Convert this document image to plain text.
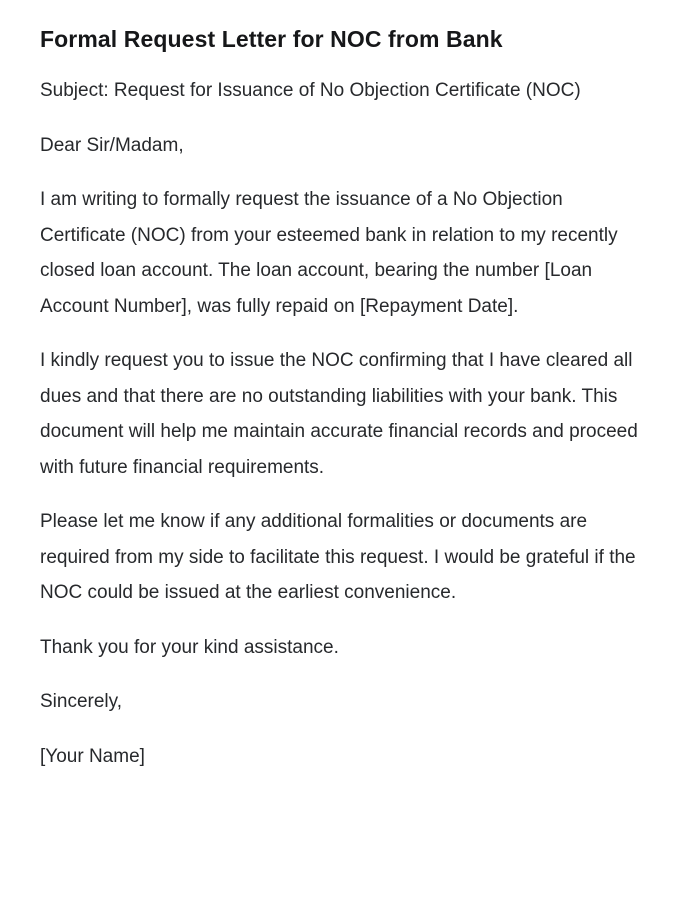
Formal Request Letter for NOC from Bank

Subject: Request for Issuance of No Objection Certificate (NOC)

Dear Sir/Madam,

I am writing to formally request the issuance of a No Objection Certificate (NOC) from your esteemed bank in relation to my recently closed loan account. The loan account, bearing the number [Loan Account Number], was fully repaid on [Repayment Date].

I kindly request you to issue the NOC confirming that I have cleared all dues and that there are no outstanding liabilities with your bank. This document will help me maintain accurate financial records and proceed with future financial requirements.

Please let me know if any additional formalities or documents are required from my side to facilitate this request. I would be grateful if the NOC could be issued at the earliest convenience.

Thank you for your kind assistance.

Sincerely,

[Your Name]
